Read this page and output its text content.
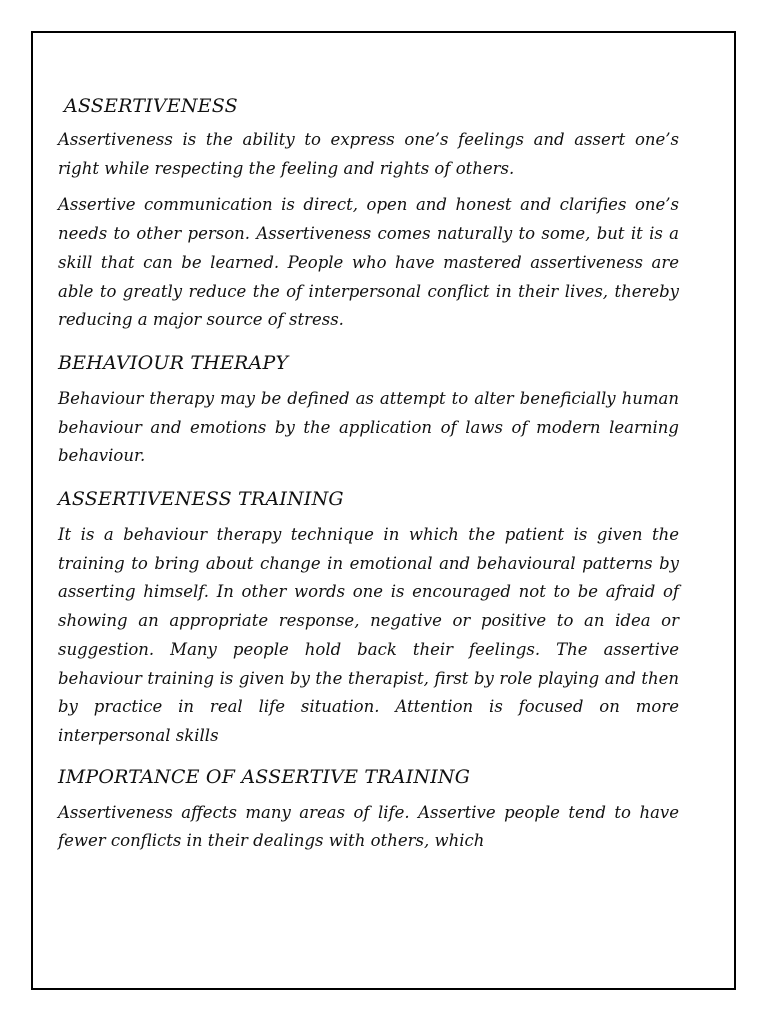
ASSERTIVENESS

Assertiveness is the ability to express one’s feelings and assert one’s right while respecting the feeling and rights of others.

Assertive communication is direct, open and honest and clarifies one’s needs to other person. Assertiveness comes naturally to some, but it is a skill that can be learned. People who have mastered assertiveness are able to greatly reduce the of interpersonal conflict in their lives, thereby reducing a major source of stress.

BEHAVIOUR THERAPY

Behaviour therapy may be defined as attempt to alter beneficially human behaviour and emotions by the application of laws of modern learning behaviour.

ASSERTIVENESS TRAINING

It is a behaviour therapy technique in which the patient is given the training to bring about change in emotional and behavioural patterns by asserting himself. In other words one is encouraged not to be afraid of showing an appropriate response, negative or positive to an idea or suggestion. Many people hold back their feelings. The assertive behaviour training is given by the therapist, first by role playing and then by practice in real life situation. Attention is focused on more interpersonal skills

IMPORTANCE OF ASSERTIVE TRAINING

Assertiveness affects many areas of life. Assertive people tend to have fewer conflicts in their dealings with others, which
